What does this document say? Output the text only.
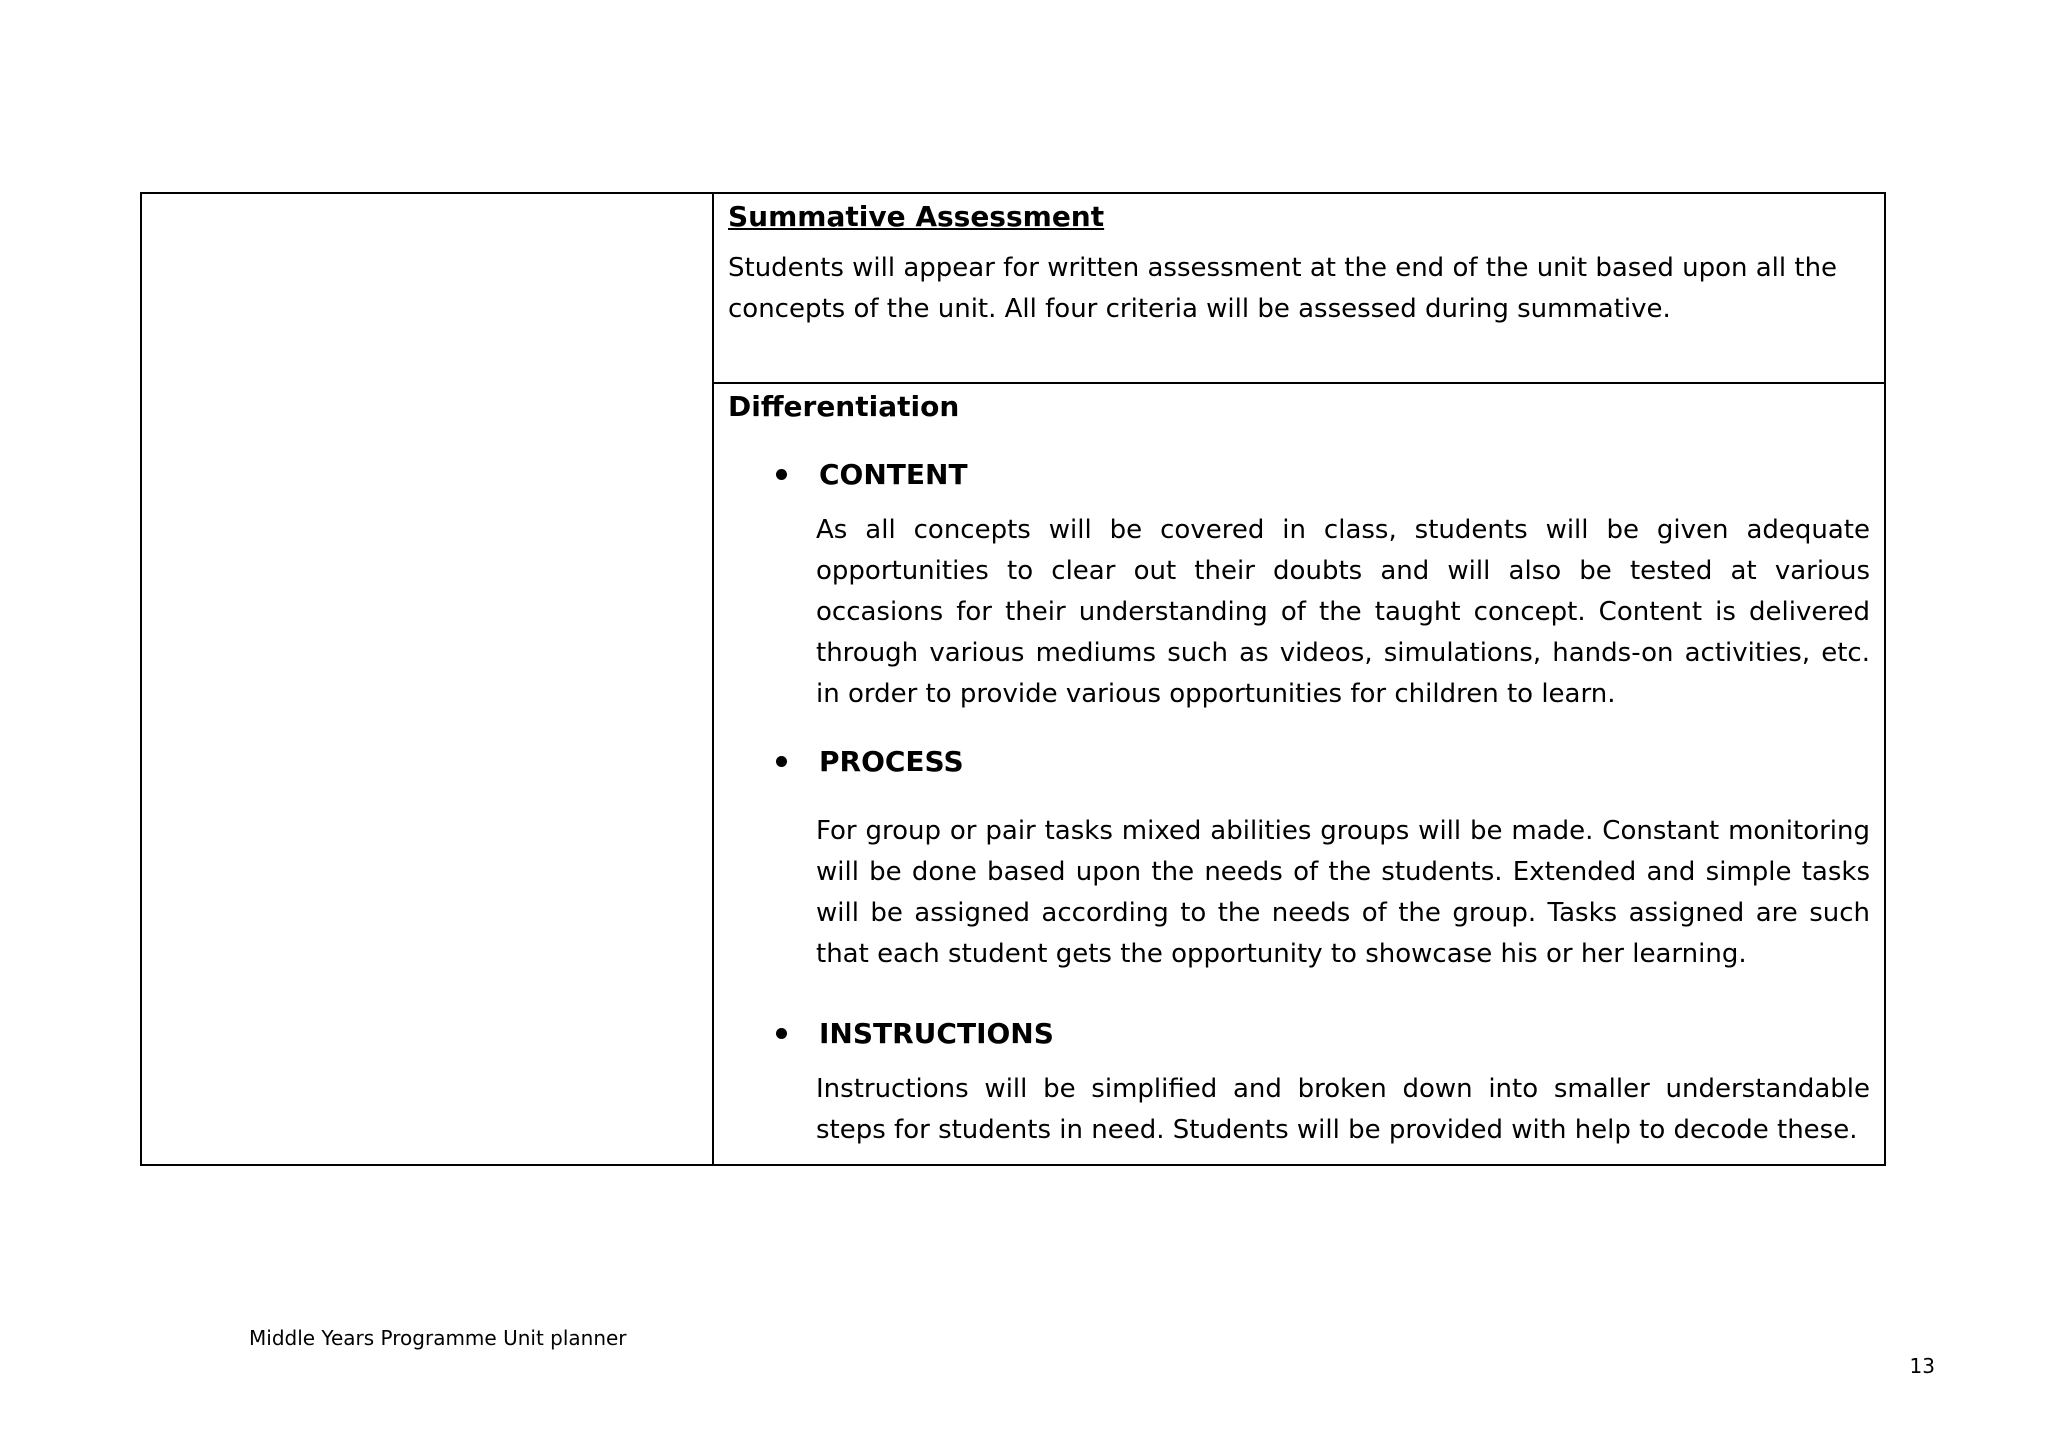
Summative Assessment

Students will appear for written assessment at the end of the unit based upon all the concepts of the unit. All four criteria will be assessed during summative.

Differentiation

CONTENT
As all concepts will be covered in class, students will be given adequate opportunities to clear out their doubts and will also be tested at various occasions for their understanding of the taught concept. Content is delivered through various mediums such as videos, simulations, hands-on activities, etc. in order to provide various opportunities for children to learn.
PROCESS
For group or pair tasks mixed abilities groups will be made. Constant monitoring will be done based upon the needs of the students. Extended and simple tasks will be assigned according to the needs of the group. Tasks assigned are such that each student gets the opportunity to showcase his or her learning.
INSTRUCTIONS
Instructions will be simplified and broken down into smaller understandable steps for students in need. Students will be provided with help to decode these.
Middle Years Programme Unit planner
13
